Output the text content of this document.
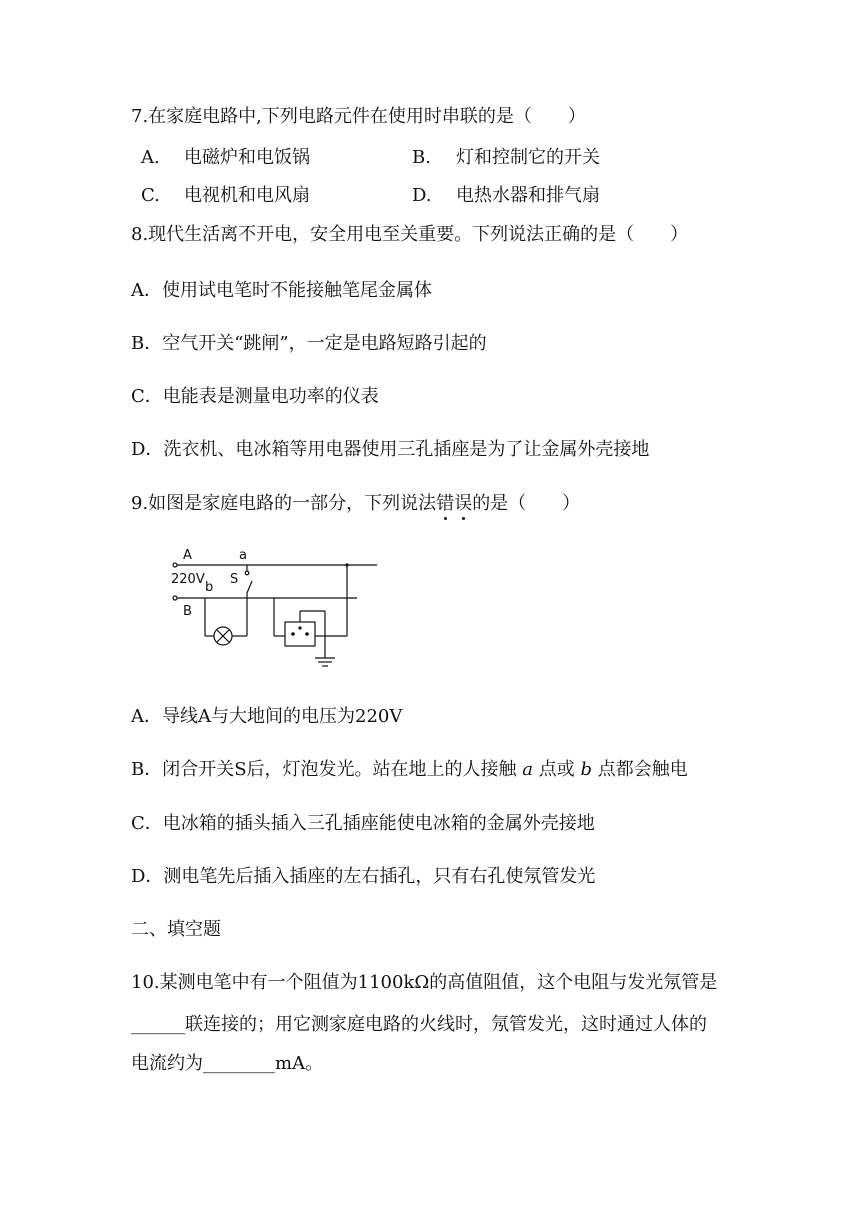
7.在家庭电路中,下列电路元件在使用时串联的是（　　）
A. 电磁炉和电饭锅	B. 灯和控制它的开关
C. 电视机和电风扇	D. 电热水器和排气扇
8.现代生活离不开电，安全用电至关重要。下列说法正确的是（　　）
A．使用试电笔时不能接触笔尾金属体
B．空气开关“跳闸”，一定是电路短路引起的
C．电能表是测量电功率的仪表
D．洗衣机、电冰箱等用电器使用三孔插座是为了让金属外壳接地
9.如图是家庭电路的一部分，下列说法错误的是（　　）
A
220V
b
B
a
S
A．导线A与大地间的电压为220V
B．闭合开关S后，灯泡发光。站在地上的人接触 a 点或 b 点都会触电
C．电冰箱的插头插入三孔插座能使电冰箱的金属外壳接地
D．测电笔先后插入插座的左右插孔，只有右孔使氖管发光
二、填空题
10.某测电笔中有一个阻值为1100kΩ的高值阻值，这个电阻与发光氖管是
______联连接的；用它测家庭电路的火线时，氖管发光，这时通过人体的
电流约为________mA。
